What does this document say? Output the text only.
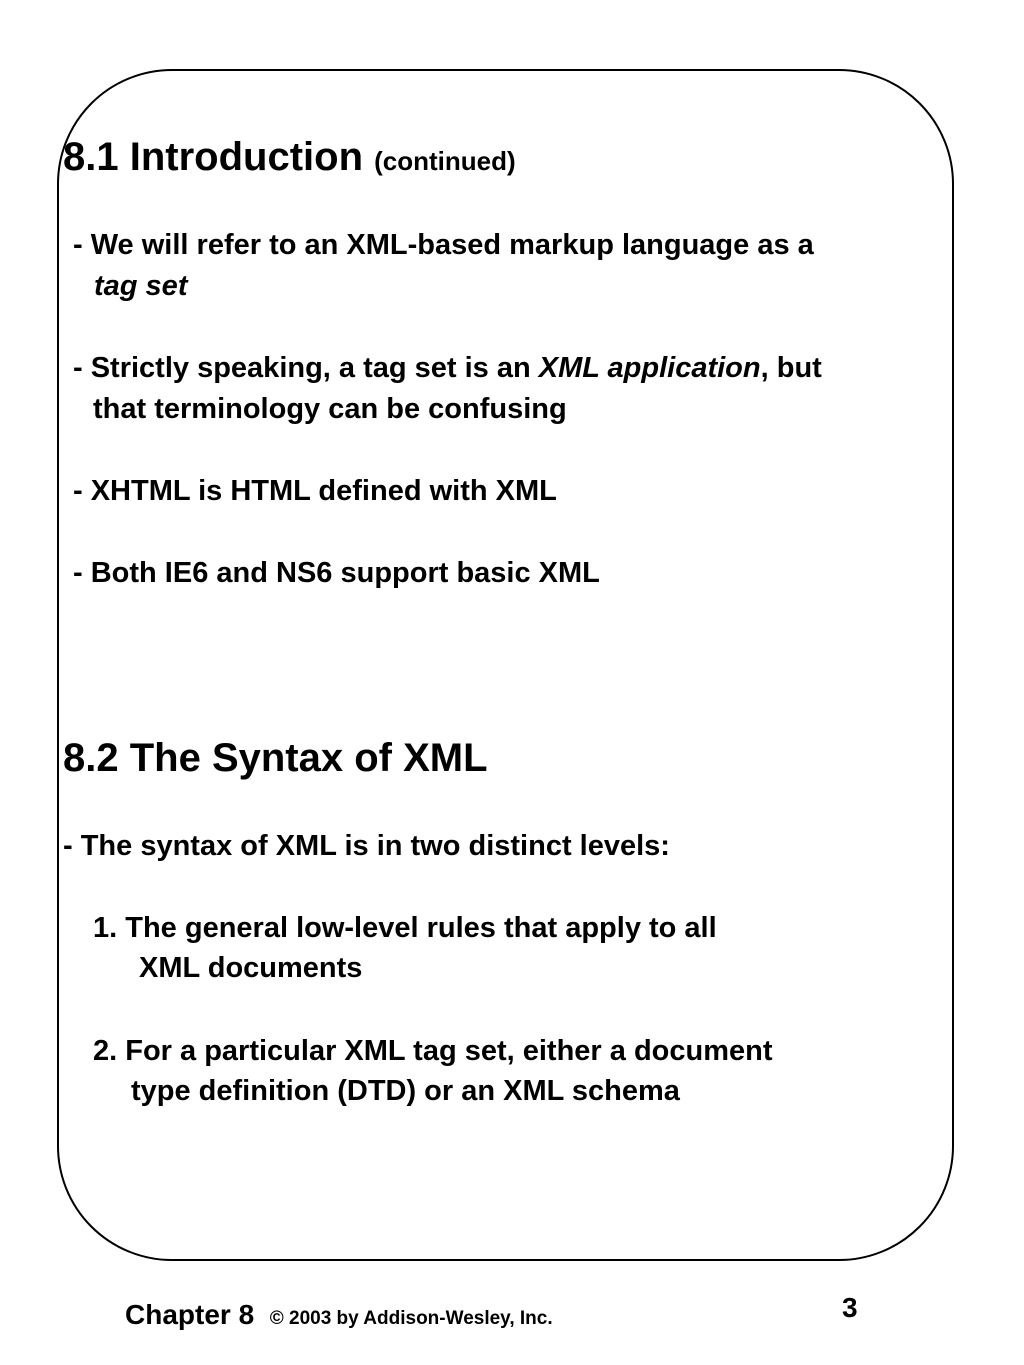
8.1 Introduction (continued)
- We will refer to an XML-based markup language as a
tag set
- Strictly speaking, a tag set is an XML application, but
that terminology can be confusing
- XHTML is HTML defined with XML
- Both IE6 and NS6 support basic XML
8.2 The Syntax of XML
- The syntax of XML is in two distinct levels:
1. The general low-level rules that apply to all
XML documents
2. For a particular XML tag set, either a document
type definition (DTD) or an XML schema
Chapter 8 © 2003 by Addison-Wesley, Inc.	3
